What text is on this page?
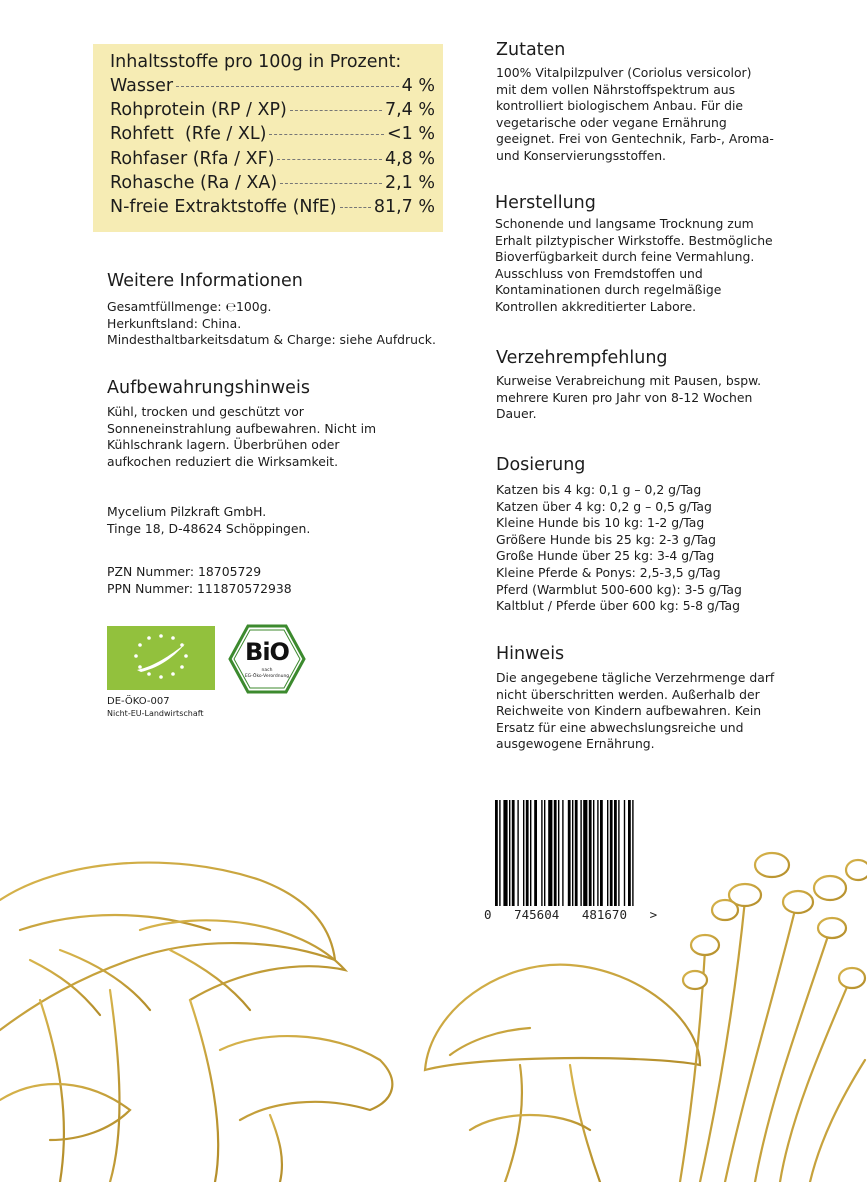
Inhaltsstoffe pro 100g in Prozent:
Wasser	4 %
Rohprotein (RP / XP)	7,4 %
Rohfett  (Rfe / XL)	<1 %
Rohfaser (Rfa / XF)	4,8 %
Rohasche (Ra / XA)	2,1 %
N-freie Extraktstoffe (NfE) 81,7 %
Weitere Informationen
Gesamtfüllmenge: ℮100g.
Herkunftsland: China.
Mindesthaltbarkeitsdatum & Charge: siehe Aufdruck.
Aufbewahrungshinweis
Kühl, trocken und geschützt vor
Sonneneinstrahlung aufbewahren. Nicht im
Kühlschrank lagern. Überbrühen oder
aufkochen reduziert die Wirksamkeit.
Mycelium Pilzkraft GmbH.
Tinge 18, D-48624 Schöppingen.
PZN Nummer: 18705729
PPN Nummer: 111870572938
BiO
nach
EG-Öko-Verordnung
DE-ÖKO-007
Nicht-EU-Landwirtschaft
Zutaten
100% Vitalpilzpulver (Coriolus versicolor)
mit dem vollen Nährstoffspektrum aus
kontrolliert biologischem Anbau. Für die
vegetarische oder vegane Ernährung
geeignet. Frei von Gentechnik, Farb-, Aroma-
und Konservierungsstoffen.
Herstellung
Schonende und langsame Trocknung zum
Erhalt pilztypischer Wirkstoffe. Bestmögliche
Bioverfügbarkeit durch feine Vermahlung.
Ausschluss von Fremdstoffen und
Kontaminationen durch regelmäßige
Kontrollen akkreditierter Labore.
Verzehrempfehlung
Kurweise Verabreichung mit Pausen, bspw.
mehrere Kuren pro Jahr von 8-12 Wochen
Dauer.
Dosierung
Katzen bis 4 kg: 0,1 g – 0,2 g/Tag
Katzen über 4 kg: 0,2 g – 0,5 g/Tag
Kleine Hunde bis 10 kg: 1-2 g/Tag
Größere Hunde bis 25 kg: 2-3 g/Tag
Große Hunde über 25 kg: 3-4 g/Tag
Kleine Pferde & Ponys: 2,5-3,5 g/Tag
Pferd (Warmblut 500-600 kg): 3-5 g/Tag
Kaltblut / Pferde über 600 kg: 5-8 g/Tag
Hinweis
Die angegebene tägliche Verzehrmenge darf
nicht überschritten werden. Außerhalb der
Reichweite von Kindern aufbewahren. Kein
Ersatz für eine abwechslungsreiche und
ausgewogene Ernährung.
0   745604   481670   >
